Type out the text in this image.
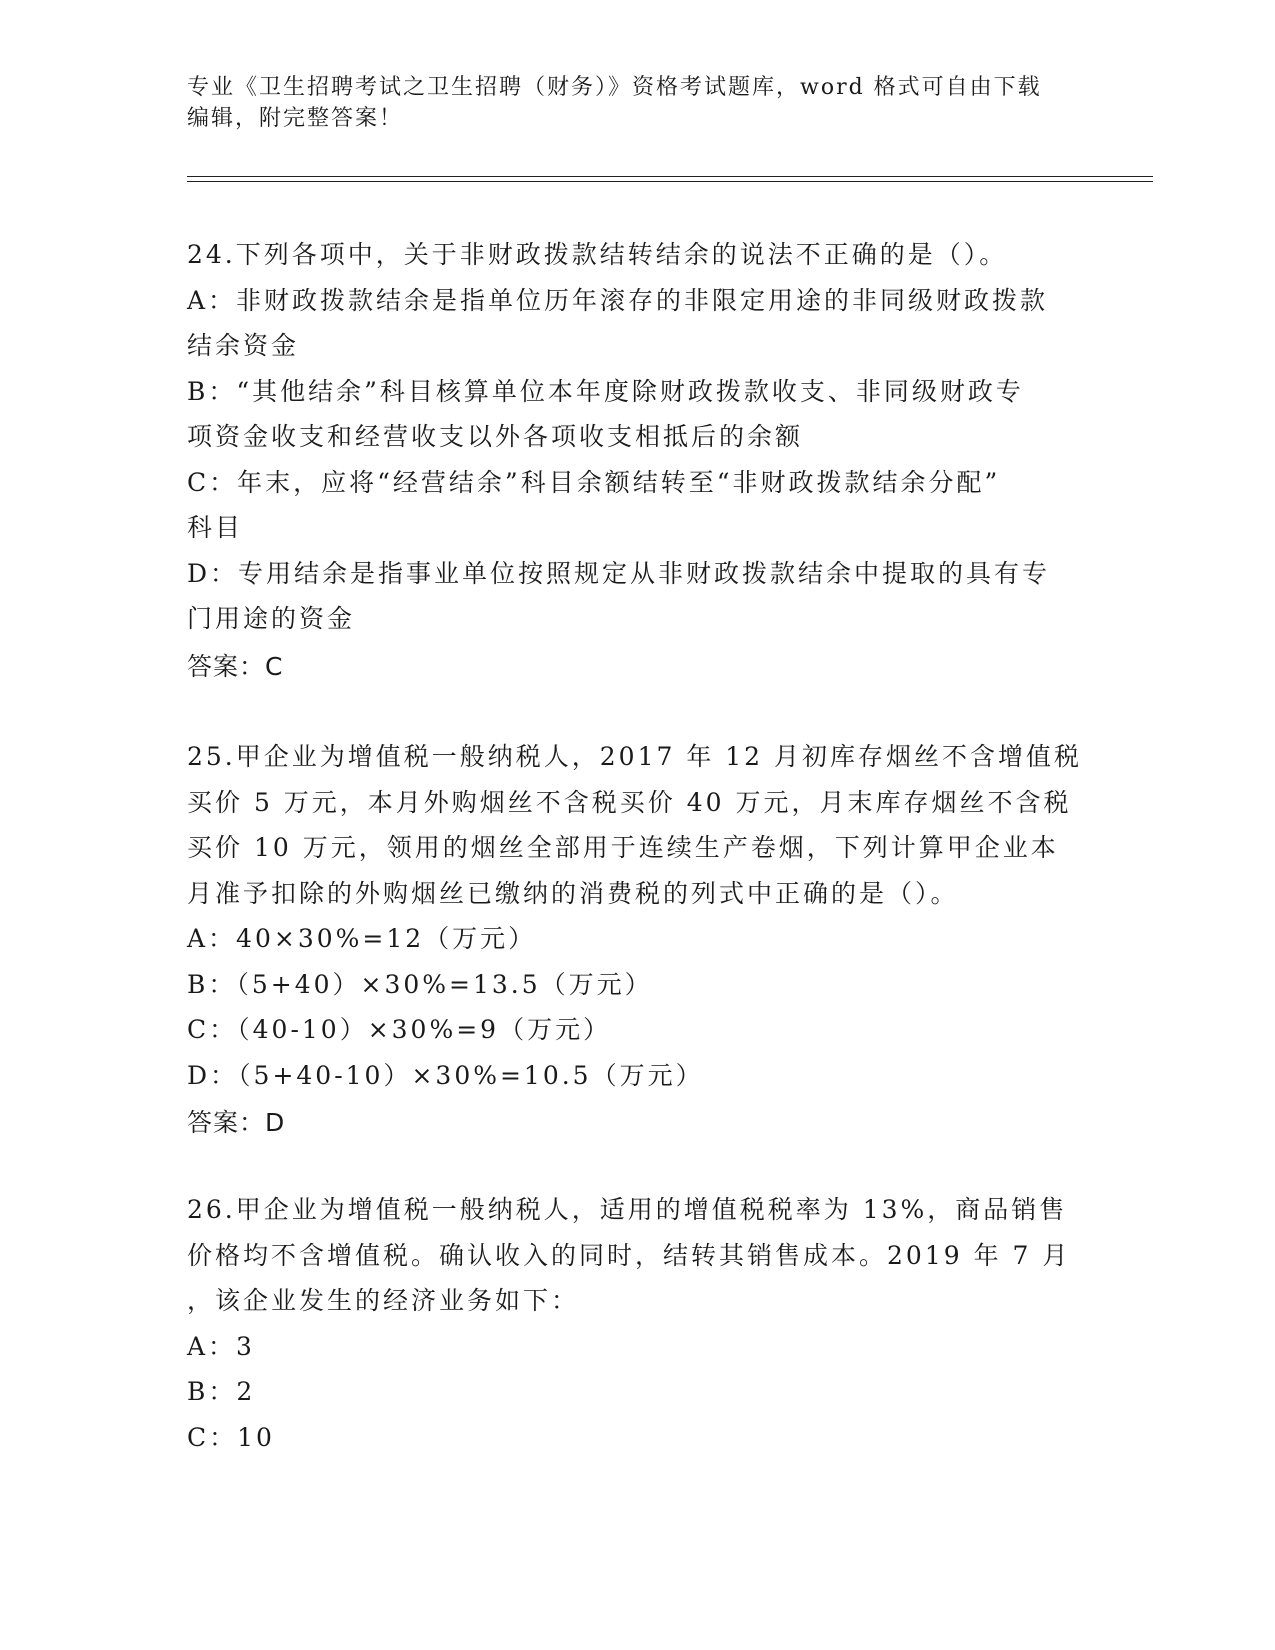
专业《卫生招聘考试之卫生招聘（财务）》资格考试题库，word 格式可自由下载
编辑，附完整答案！
24.下列各项中，关于非财政拨款结转结余的说法不正确的是（）。
A：非财政拨款结余是指单位历年滚存的非限定用途的非同级财政拨款
结余资金
B：“其他结余”科目核算单位本年度除财政拨款收支、非同级财政专
项资金收支和经营收支以外各项收支相抵后的余额
C：年末，应将“经营结余”科目余额结转至“非财政拨款结余分配”
科目
D：专用结余是指事业单位按照规定从非财政拨款结余中提取的具有专
门用途的资金
答案：C
25.甲企业为增值税一般纳税人，2017 年 12 月初库存烟丝不含增值税
买价 5 万元，本月外购烟丝不含税买价 40 万元，月末库存烟丝不含税
买价 10 万元，领用的烟丝全部用于连续生产卷烟，下列计算甲企业本
月准予扣除的外购烟丝已缴纳的消费税的列式中正确的是（）。
A：40×30%=12（万元）
B：（5+40）×30%=13.5（万元）
C：（40-10）×30%=9（万元）
D：（5+40-10）×30%=10.5（万元）
答案：D
26.甲企业为增值税一般纳税人，适用的增值税税率为 13%，商品销售
价格均不含增值税。确认收入的同时，结转其销售成本。2019 年 7 月
，该企业发生的经济业务如下：
A：3
B：2
C：10
